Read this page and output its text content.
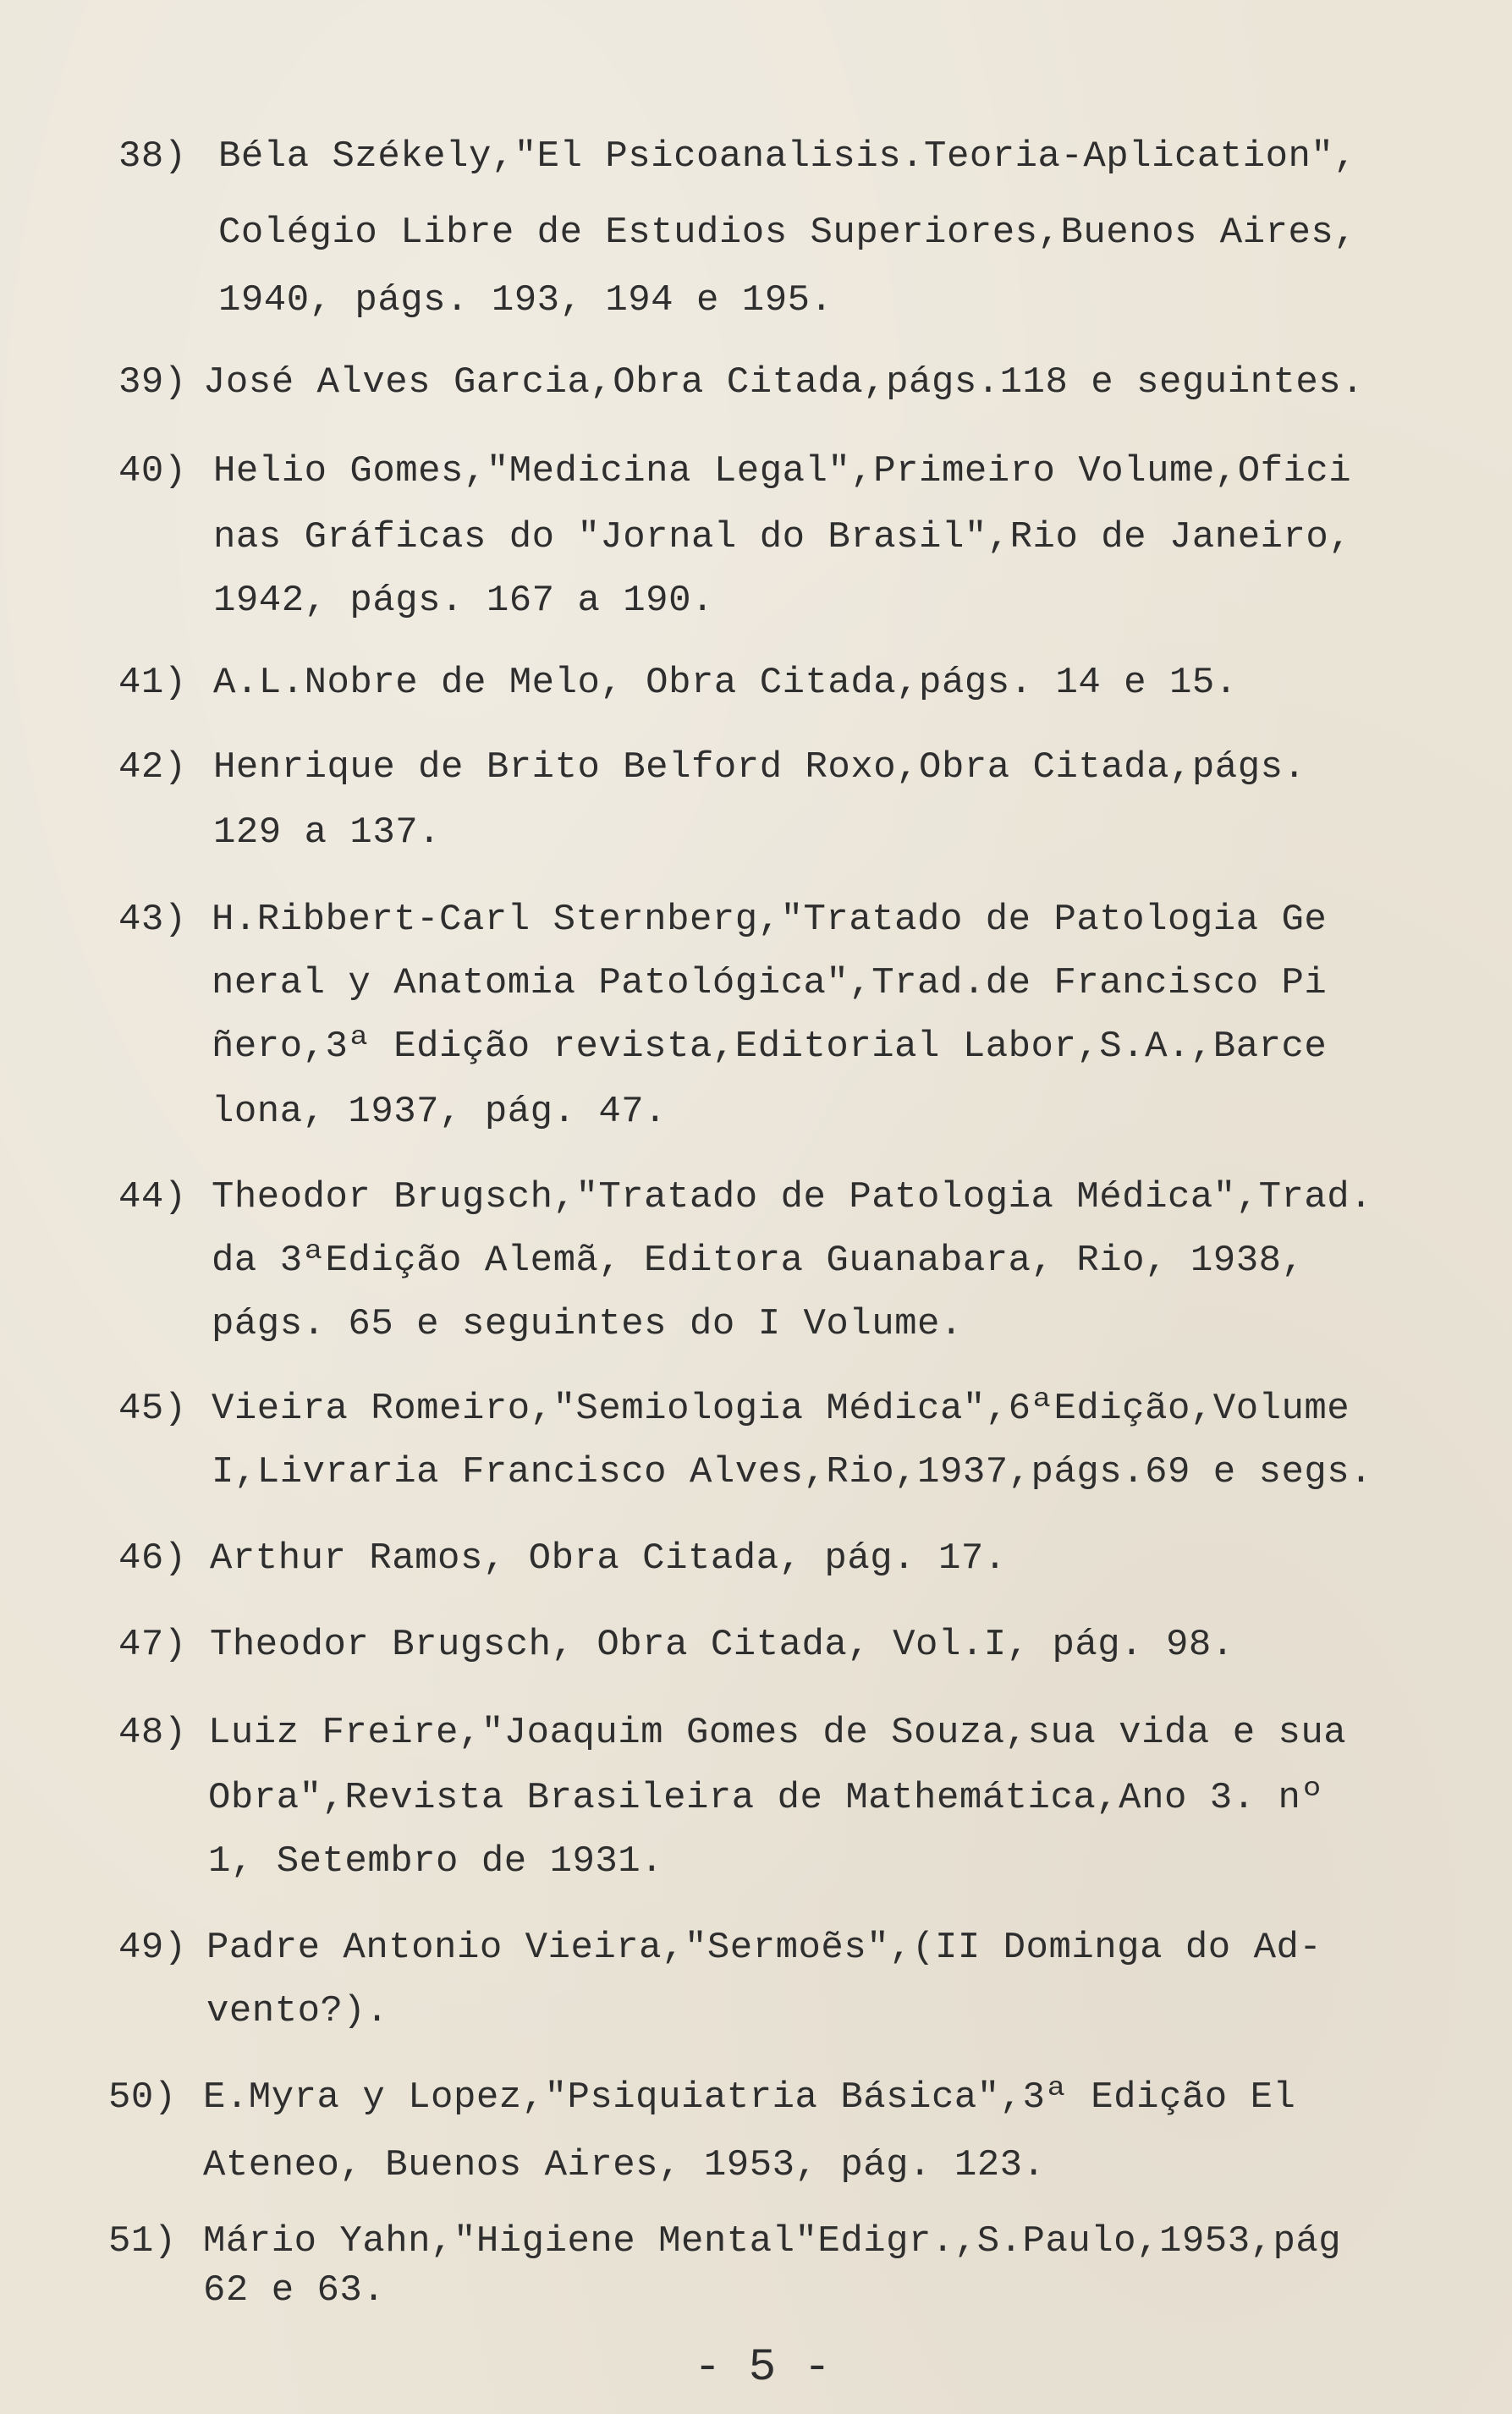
38) Béla Székely,"El Psicoanalisis.Teoria-Aplication",
Colégio Libre de Estudios Superiores,Buenos Aires,
1940, págs. 193, 194 e 195.
39) José Alves Garcia,Obra Citada,págs.118 e seguintes.
40) Helio Gomes,"Medicina Legal",Primeiro Volume,Ofici
nas Gráficas do "Jornal do Brasil",Rio de Janeiro,
1942, págs. 167 a 190.
41) A.L.Nobre de Melo, Obra Citada,págs. 14 e 15.
42) Henrique de Brito Belford Roxo,Obra Citada,págs.
129 a 137.
43) H.Ribbert-Carl Sternberg,"Tratado de Patologia Ge
neral y Anatomia Patológica",Trad.de Francisco Pi
ñero,3ª Edição revista,Editorial Labor,S.A.,Barce
lona, 1937, pág. 47.
44) Theodor Brugsch,"Tratado de Patologia Médica",Trad.
da 3ªEdição Alemã, Editora Guanabara, Rio, 1938,
págs. 65 e seguintes do I Volume.
45) Vieira Romeiro,"Semiologia Médica",6ªEdição,Volume
I,Livraria Francisco Alves,Rio,1937,págs.69 e segs.
46) Arthur Ramos, Obra Citada, pág. 17.
47) Theodor Brugsch, Obra Citada, Vol.I, pág. 98.
48) Luiz Freire,"Joaquim Gomes de Souza,sua vida e sua
Obra",Revista Brasileira de Mathemática,Ano 3. nº
1, Setembro de 1931.
49) Padre Antonio Vieira,"Sermoẽs",(II Dominga do Ad-
vento?).
50) E.Myra y Lopez,"Psiquiatria Básica",3ª Edição El
Ateneo, Buenos Aires, 1953, pág. 123.
51) Mário Yahn,"Higiene Mental"Edigr.,S.Paulo,1953,pág
62 e 63.
- 5 -
